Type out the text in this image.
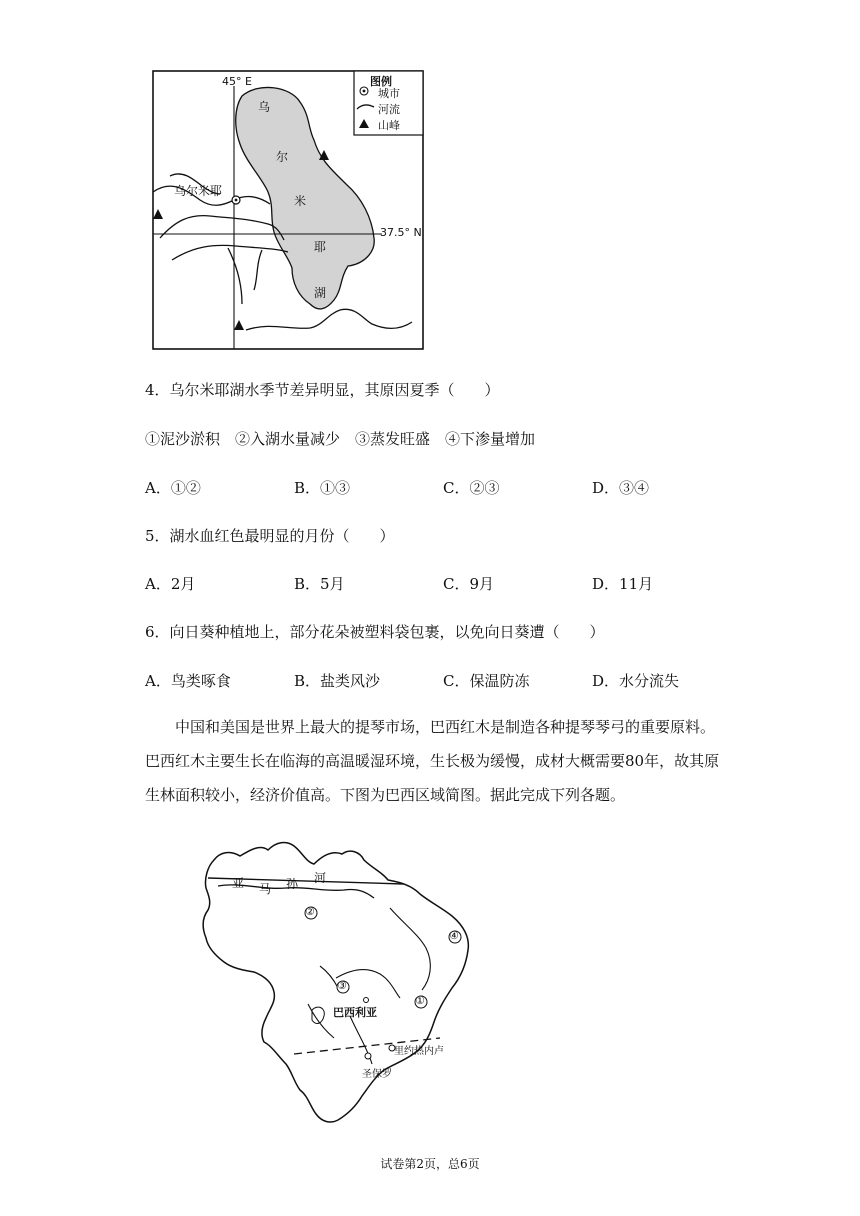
45° E
37.5° N
乌尔米耶
乌
尔
米
耶
湖
图例
城市
河流
山峰
4．乌尔米耶湖水季节差异明显，其原因夏季（　　）
①泥沙淤积　②入湖水量减少　③蒸发旺盛　④下渗量增加
A．①②	B．①③	C．②③	D．③④
5．湖水血红色最明显的月份（　　）
A．2月	B．5月	C．9月	D．11月
6．向日葵种植地上，部分花朵被塑料袋包裹，以免向日葵遭（　　）
A．鸟类啄食	B．盐类风沙	C．保温防冻	D．水分流失
中国和美国是世界上最大的提琴市场，巴西红木是制造各种提琴琴弓的重要原料。巴西红木主要生长在临海的高温暖湿环境，生长极为缓慢，成材大概需要80年，故其原生林面积较小，经济价值高。下图为巴西区域简图。据此完成下列各题。
亚 马 孙 河
②
④
③
①
巴西利亚
里约热内卢
圣保罗
试卷第2页，总6页
